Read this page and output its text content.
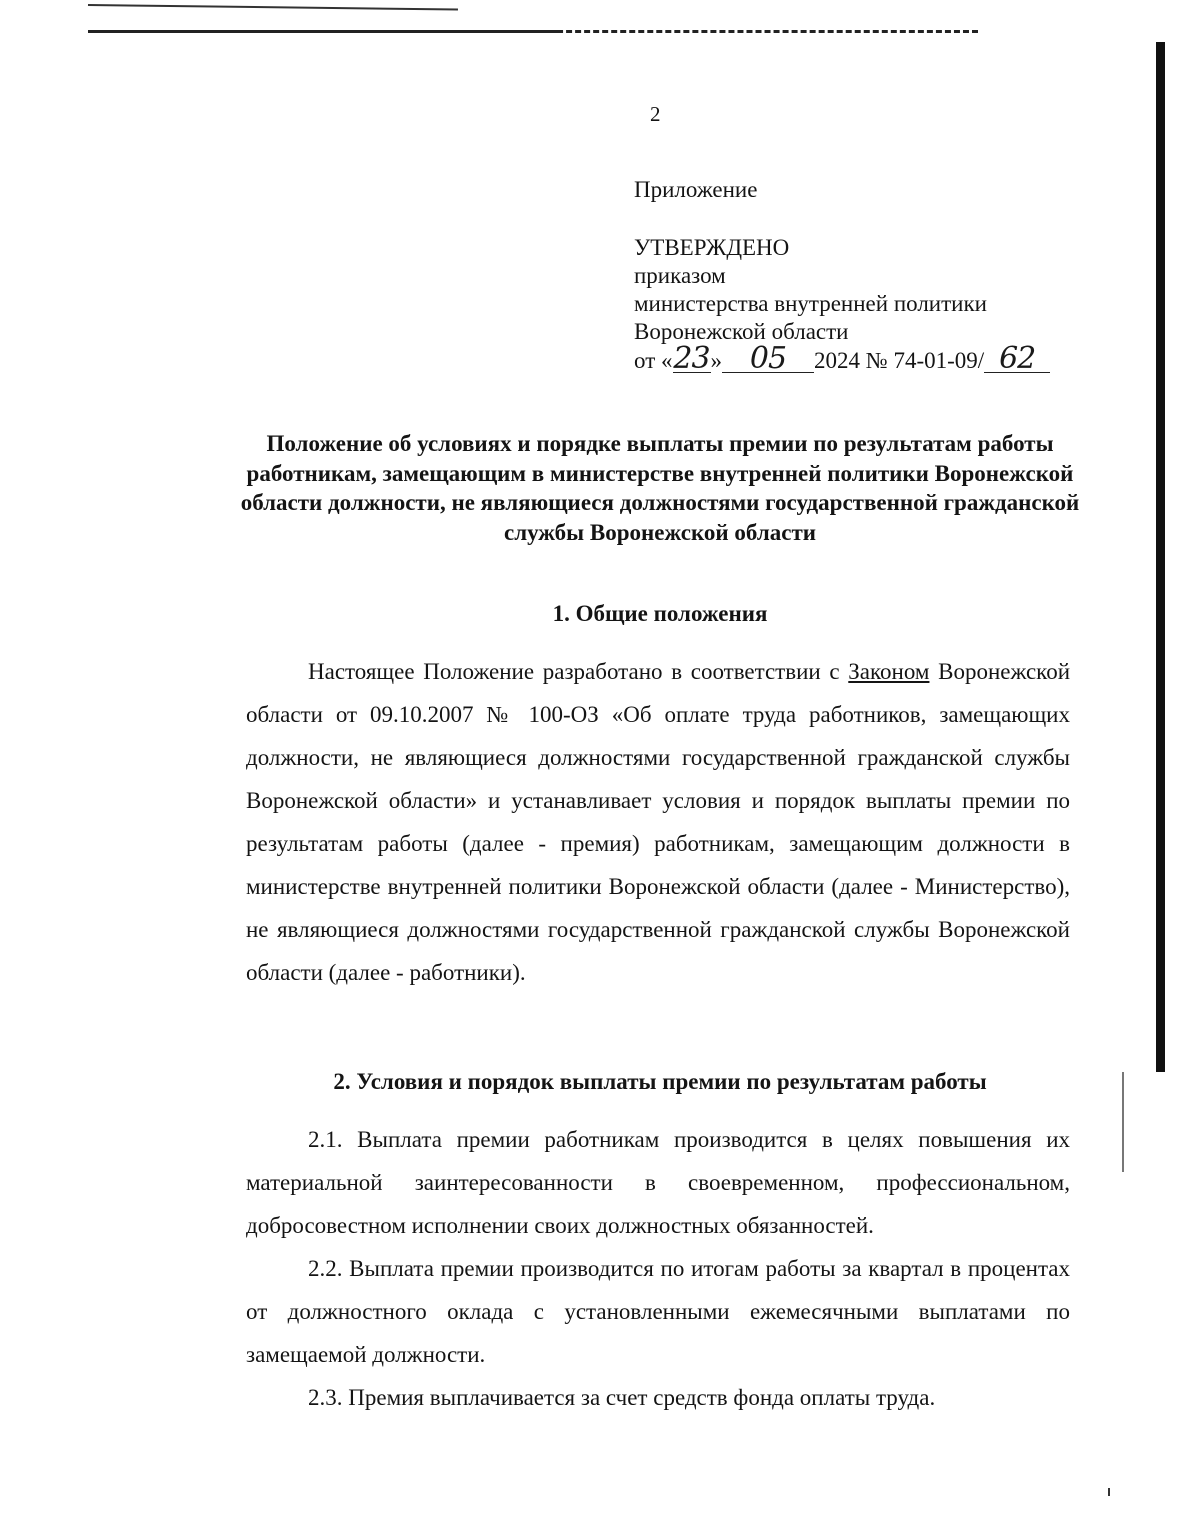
2
Приложение
УТВЕРЖДЕНО
приказом
министерства внутренней политики
Воронежской области
от «23» 05 2024 № 74-01-09/ 62
Положение об условиях и порядке выплаты премии по результатам работы работникам, замещающим в министерстве внутренней политики Воронежской области должности, не являющиеся должностями государственной гражданской службы Воронежской области
1. Общие положения
Настоящее Положение разработано в соответствии с Законом Воронежской области от 09.10.2007 № 100-ОЗ «Об оплате труда работников, замещающих должности, не являющиеся должностями государственной гражданской службы Воронежской области» и устанавливает условия и порядок выплаты премии по результатам работы (далее - премия) работникам, замещающим должности в министерстве внутренней политики Воронежской области (далее - Министерство), не являющиеся должностями государственной гражданской службы Воронежской области (далее - работники).
2. Условия и порядок выплаты премии по результатам работы
2.1. Выплата премии работникам производится в целях повышения их материальной заинтересованности в своевременном, профессиональном, добросовестном исполнении своих должностных обязанностей.
2.2. Выплата премии производится по итогам работы за квартал в процентах от должностного оклада с установленными ежемесячными выплатами по замещаемой должности.
2.3. Премия выплачивается за счет средств фонда оплаты труда.
